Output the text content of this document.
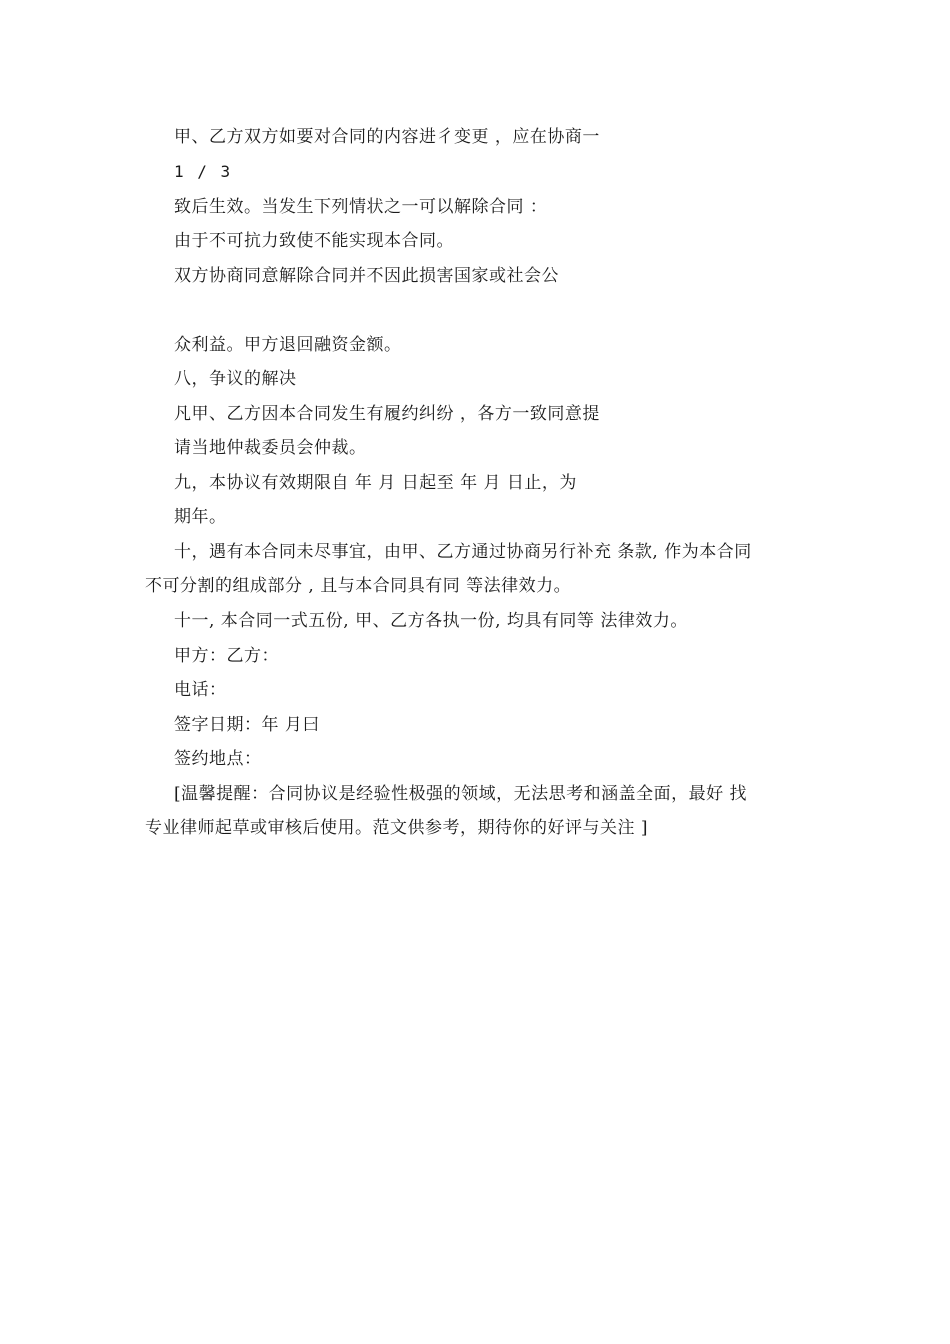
甲、乙方双方如要对合同的内容进彳变更 ，应在协商一
1 / 3
致后生效。当发生下列情状之一可以解除合同 ：
由于不可抗力致使不能实现本合同。
双方协商同意解除合同并不因此损害国家或社会公
众利益。甲方退回融资金额。
八，争议的解决
凡甲、乙方因本合同发生有履约纠纷 ，各方一致同意提
请当地仲裁委员会仲裁。
九，本协议有效期限自 年 月 日起至 年 月 日止，为
期年。
十，遇有本合同未尽事宜，由甲、乙方通过协商另行补充 条款, 作为本合同
不可分割的组成部分 , 且与本合同具有同 等法律效力。
十一, 本合同一式五份, 甲、乙方各执一份, 均具有同等 法律效力。
甲方：乙方：
电话：
签字日期：年 月曰
签约地点：
[温馨提醒：合同协议是经验性极强的领域，无法思考和涵盖全面，最好 找
专业律师起草或审核后使用。范文供参考，期待你的好评与关注 ]
